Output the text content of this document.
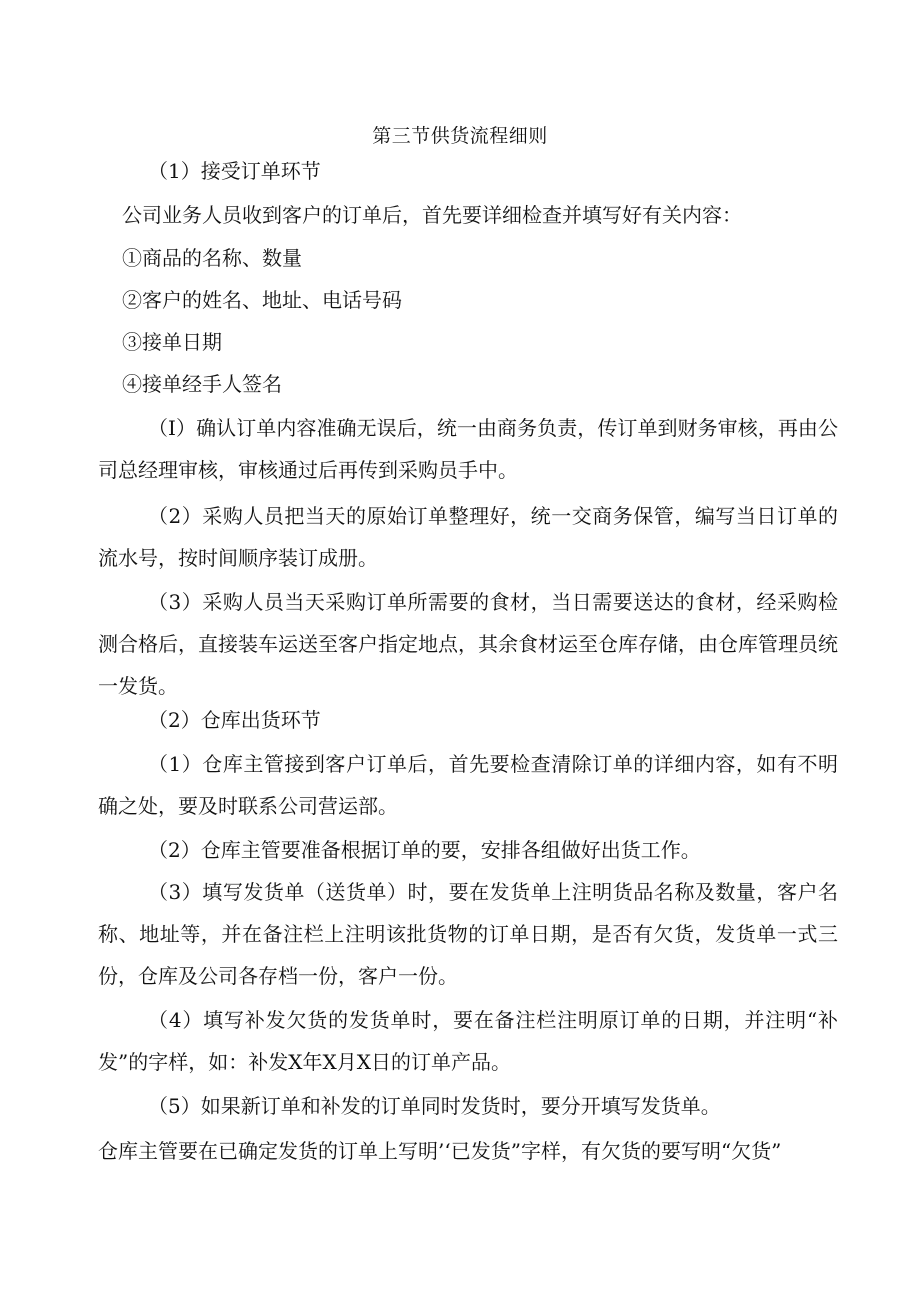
第三节供货流程细则
（1）接受订单环节
公司业务人员收到客户的订单后，首先要详细检查并填写好有关内容：
①商品的名称、数量
②客户的姓名、地址、电话号码
③接单日期
④接单经手人签名
（I）确认订单内容准确无误后，统一由商务负责，传订单到财务审核，再由公司总经理审核，审核通过后再传到采购员手中。
（2）采购人员把当天的原始订单整理好，统一交商务保管，编写当日订单的流水号，按时间顺序装订成册。
（3）采购人员当天采购订单所需要的食材，当日需要送达的食材，经采购检测合格后，直接装车运送至客户指定地点，其余食材运至仓库存储，由仓库管理员统一发货。
（2）仓库出货环节
（1）仓库主管接到客户订单后，首先要检查清除订单的详细内容，如有不明确之处，要及时联系公司营运部。
（2）仓库主管要准备根据订单的要，安排各组做好出货工作。
（3）填写发货单（送货单）时，要在发货单上注明货品名称及数量，客户名称、地址等，并在备注栏上注明该批货物的订单日期，是否有欠货，发货单一式三份，仓库及公司各存档一份，客户一份。
（4）填写补发欠货的发货单时，要在备注栏注明原订单的日期，并注明“补发”的字样，如：补发X年X月X日的订单产品。
（5）如果新订单和补发的订单同时发货时，要分开填写发货单。
仓库主管要在已确定发货的订单上写明’‘已发货”字样，有欠货的要写明“欠货”
